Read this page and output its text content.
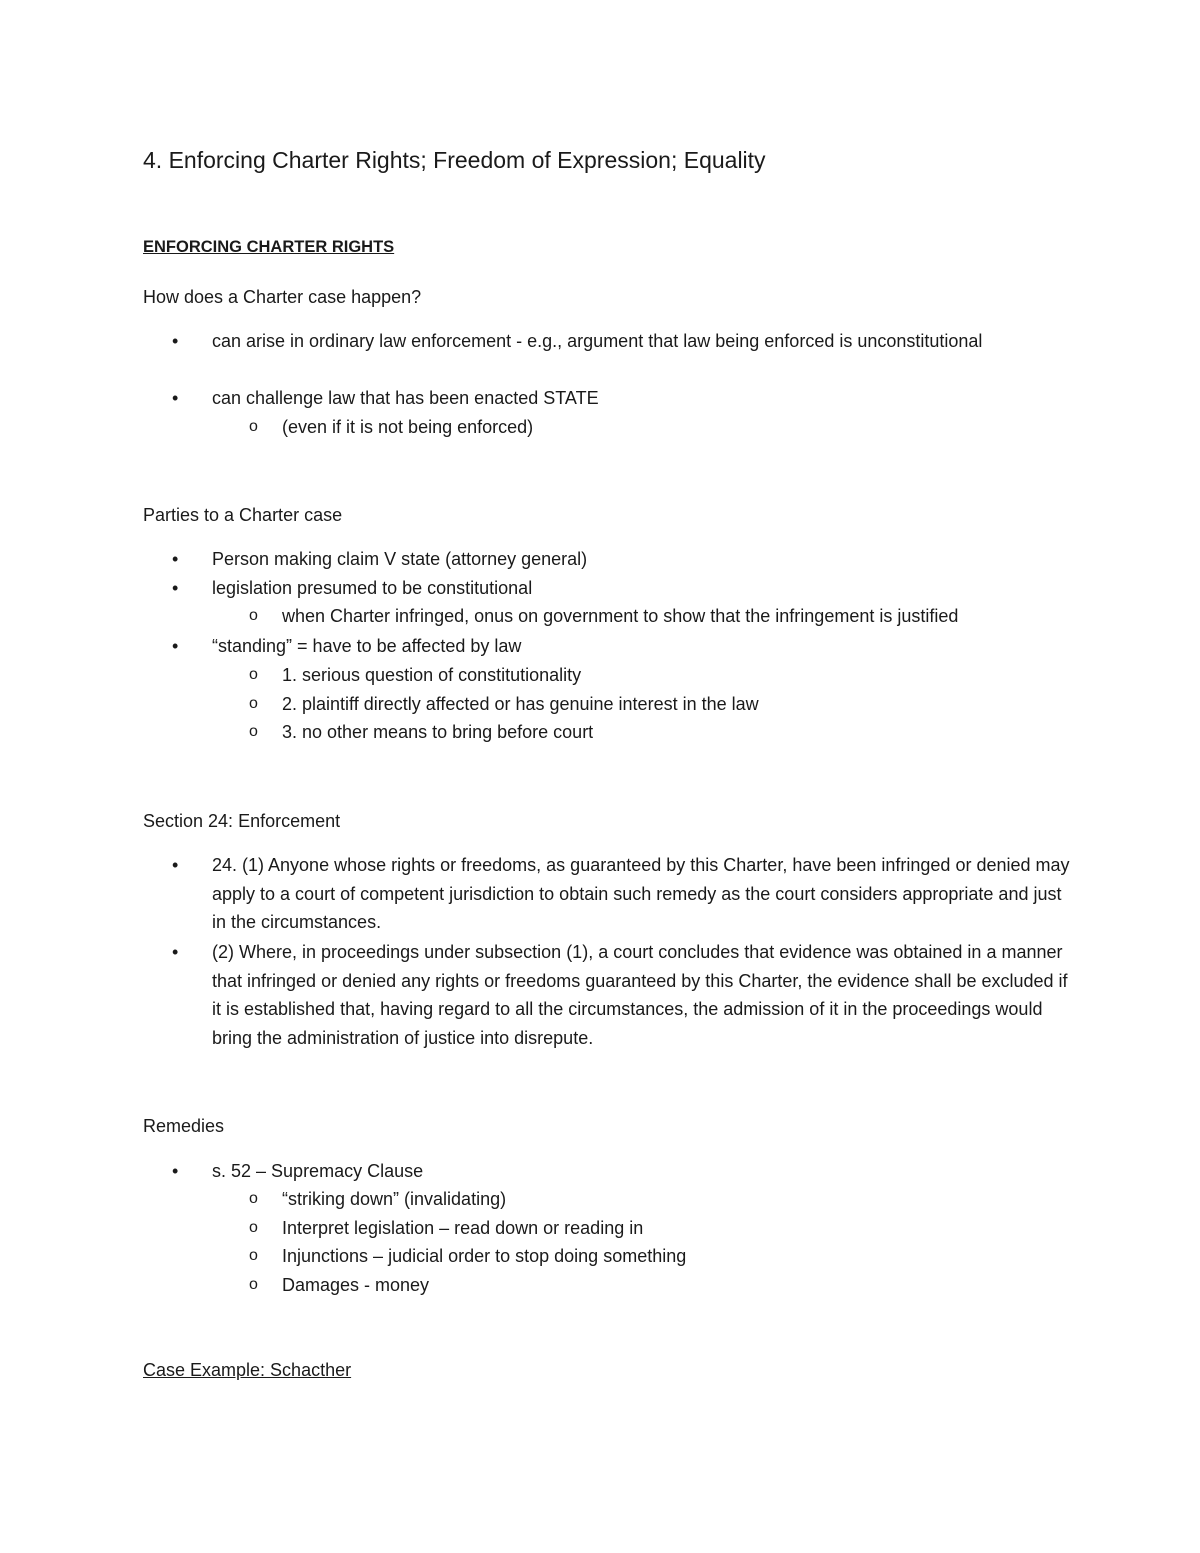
4. Enforcing Charter Rights; Freedom of Expression; Equality
ENFORCING CHARTER RIGHTS
How does a Charter case happen?
• can arise in ordinary law enforcement - e.g., argument that law being enforced is unconstitutional
• can challenge law that has been enacted STATE
o (even if it is not being enforced)
Parties to a Charter case
• Person making claim V state (attorney general)
• legislation presumed to be constitutional
o when Charter infringed, onus on government to show that the infringement is justified
• “standing” = have to be affected by law
o 1. serious question of constitutionality
o 2. plaintiff directly affected or has genuine interest in the law
o 3. no other means to bring before court
Section 24: Enforcement
• 24. (1) Anyone whose rights or freedoms, as guaranteed by this Charter, have been infringed or denied may apply to a court of competent jurisdiction to obtain such remedy as the court considers appropriate and just in the circumstances.
• (2) Where, in proceedings under subsection (1), a court concludes that evidence was obtained in a manner that infringed or denied any rights or freedoms guaranteed by this Charter, the evidence shall be excluded if it is established that, having regard to all the circumstances, the admission of it in the proceedings would bring the administration of justice into disrepute.
Remedies
• s. 52 – Supremacy Clause
o “striking down” (invalidating)
o Interpret legislation – read down or reading in
o Injunctions – judicial order to stop doing something
o Damages - money
Case Example: Schacther
